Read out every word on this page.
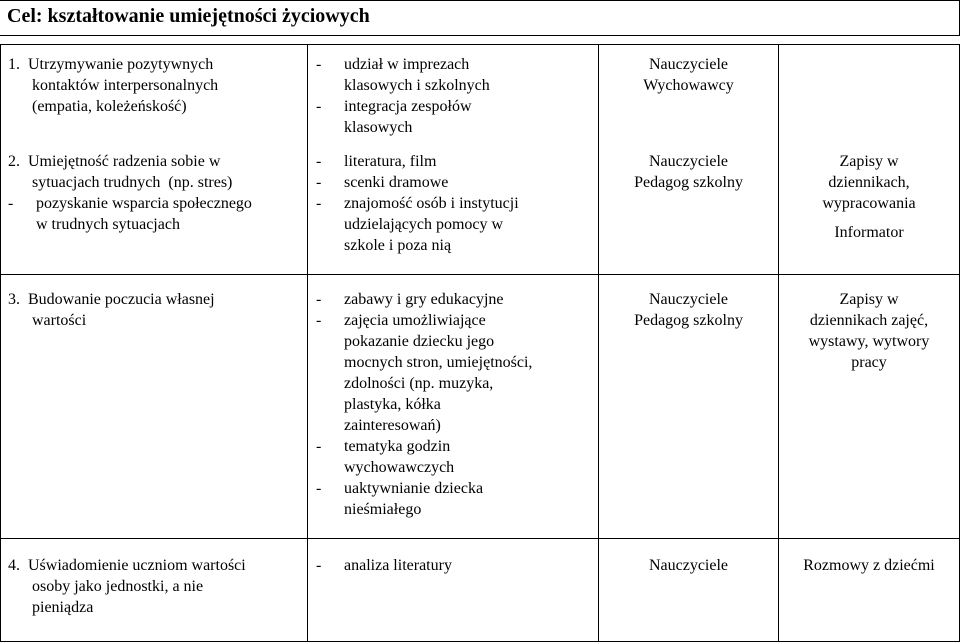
Cel: kształtowanie umiejętności życiowych
1.  Utrzymywanie pozytywnych
kontaktów interpersonalnych
(empatia, koleżeńskość)
- udział w imprezach
klasowych i szkolnych
- integracja zespołów
klasowych
Nauczyciele
Wychowawcy
2.  Umiejętność radzenia sobie w
sytuacjach trudnych  (np. stres)
- pozyskanie wsparcia społecznego
w trudnych sytuacjach
- literatura, film
- scenki dramowe
- znajomość osób i instytucji
udzielających pomocy w
szkole i poza nią
Nauczyciele
Pedagog szkolny
Zapisy w
dziennikach,
wypracowania
Informator
3.  Budowanie poczucia własnej
wartości
- zabawy i gry edukacyjne
- zajęcia umożliwiające
pokazanie dziecku jego
mocnych stron, umiejętności,
zdolności (np. muzyka,
plastyka, kółka
zainteresowań)
- tematyka godzin
wychowawczych
- uaktywnianie dziecka
nieśmiałego
Nauczyciele
Pedagog szkolny
Zapisy w
dziennikach zajęć,
wystawy, wytwory
pracy
4.  Uświadomienie uczniom wartości
osoby jako jednostki, a nie
pieniądza
- analiza literatury	Nauczyciele	Rozmowy z dziećmi
